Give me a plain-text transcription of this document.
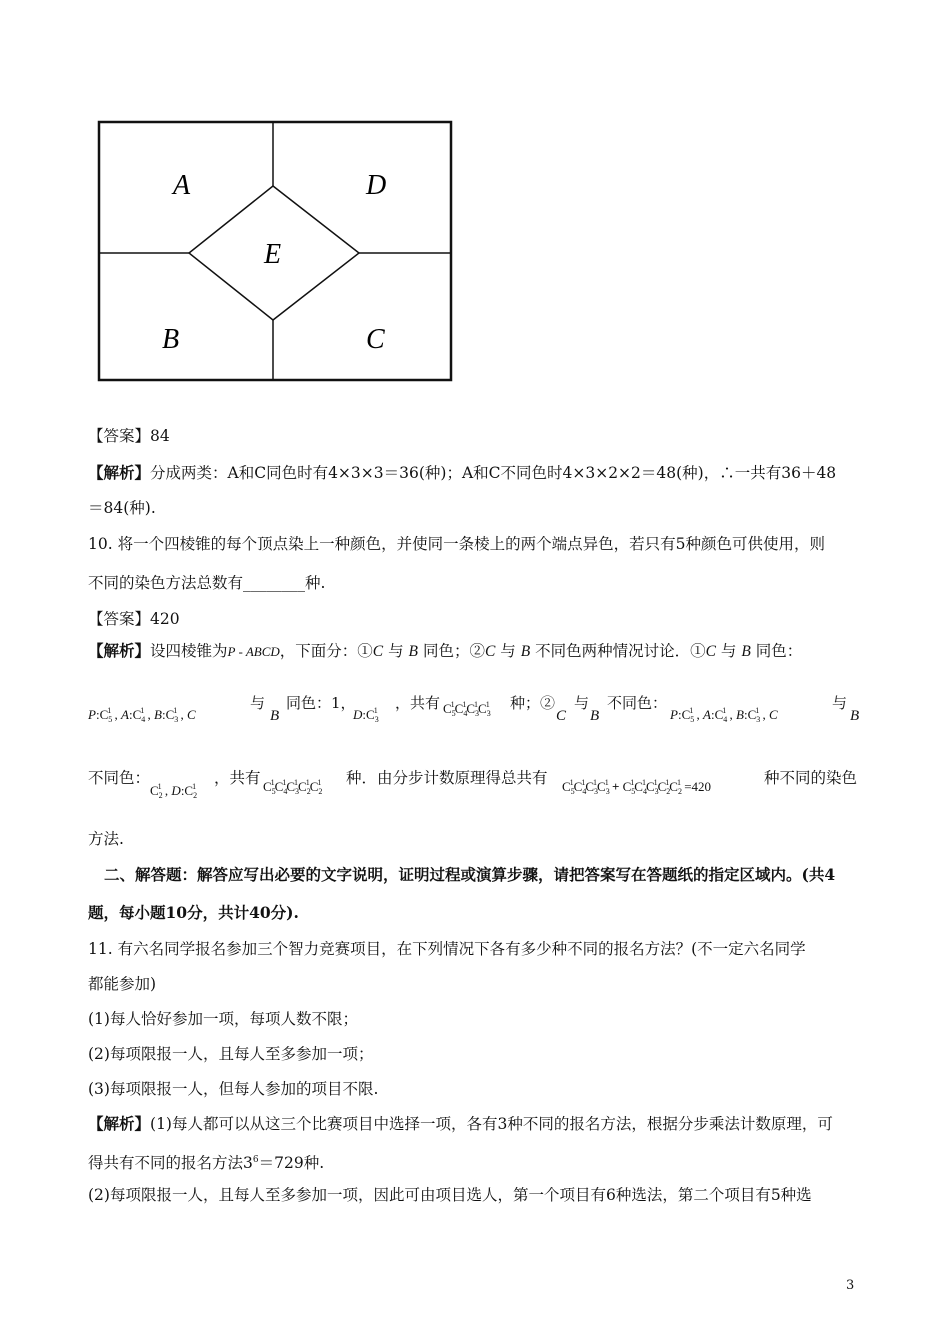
A	D
E
B	C
【答案】84
【解析】分成两类：A和C同色时有4×3×3＝36(种)；A和C不同色时4×3×2×2＝48(种)，∴一共有36＋48
＝84(种).
10. 将一个四棱锥的每个顶点染上一种颜色，并使同一条棱上的两个端点异色，若只有5种颜色可供使用，则
不同的染色方法总数有________种.
【答案】420
【解析】设四棱锥为P - ABCD，下面分：①C 与 B 同色；②C 与 B 不同色两种情况讨论．①C 与 B 同色：
$P:C_5^1$ , $A:C_4^1$ , $B:C_3^1$ , C
与
B
同色：1，
$D:C_3^1$ ，共有 $C_5^1C_4^1C_3^1C_3^1$ 种；②
C
与
B
不同色：
$P:C_5^1$ , $A:C_4^1$ , $B:C_3^1$ , C
与
B
不同色：
$C_2^1$ , $D:C_2^1$ ，共有 $C_5^1C_4^1C_3^1C_2^1C_2^1$ 种．由分步计数原理得总共有 $C_5^1C_4^1C_3^1C_3^1 + C_5^1C_4^1C_3^1C_2^1C_2^1 =420$	种不同的染色
方法.
二、解答题：解答应写出必要的文字说明，证明过程或演算步骤，请把答案写在答题纸的指定区域内。(共4
题，每小题10分，共计40分).
11. 有六名同学报名参加三个智力竞赛项目，在下列情况下各有多少种不同的报名方法？(不一定六名同学
都能参加)
(1)每人恰好参加一项，每项人数不限；
(2)每项限报一人，且每人至多参加一项；
(3)每项限报一人，但每人参加的项目不限.
【解析】(1)每人都可以从这三个比赛项目中选择一项，各有3种不同的报名方法，根据分步乘法计数原理，可
得共有不同的报名方法$3^6=729$种.
(2)每项限报一人，且每人至多参加一项，因此可由项目选人，第一个项目有6种选法，第二个项目有5种选
3
